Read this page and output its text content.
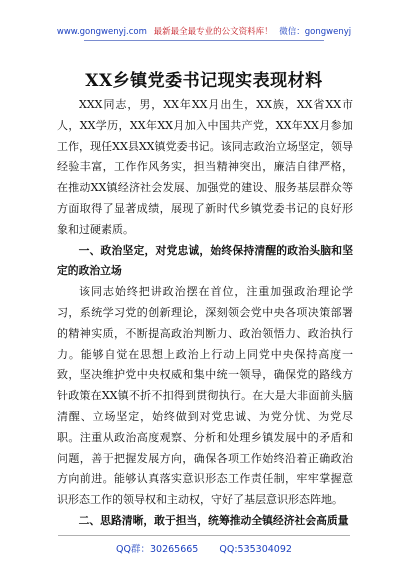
www.gongwenyj.com 最新最全最专业的公文资料库！ 微信：gongwenyj
XX乡镇党委书记现实表现材料

XXX同志，男，XX年XX月出生，XX族，XX省XX市人，XX学历，XX年XX月加入中国共产党，XX年XX月参加工作，现任XX县XX镇党委书记。该同志政治立场坚定，领导经验丰富，工作作风务实，担当精神突出，廉洁自律严格，在推动XX镇经济社会发展、加强党的建设、服务基层群众等方面取得了显著成绩，展现了新时代乡镇党委书记的良好形象和过硬素质。

一、政治坚定，对党忠诚，始终保持清醒的政治头脑和坚定的政治立场

该同志始终把讲政治摆在首位，注重加强政治理论学习，系统学习党的创新理论，深刻领会党中央各项决策部署的精神实质，不断提高政治判断力、政治领悟力、政治执行力。能够自觉在思想上政治上行动上同党中央保持高度一致，坚决维护党中央权威和集中统一领导，确保党的路线方针政策在XX镇不折不扣得到贯彻执行。在大是大非面前头脑清醒、立场坚定，始终做到对党忠诚、为党分忧、为党尽职。注重从政治高度观察、分析和处理乡镇发展中的矛盾和问题，善于把握发展方向，确保各项工作始终沿着正确政治方向前进。能够认真落实意识形态工作责任制，牢牢掌握意识形态工作的领导权和主动权，守好了基层意识形态阵地。

二、思路清晰，敢于担当，统筹推动全镇经济社会高质量

QQ群：30265665 QQ:535304092
